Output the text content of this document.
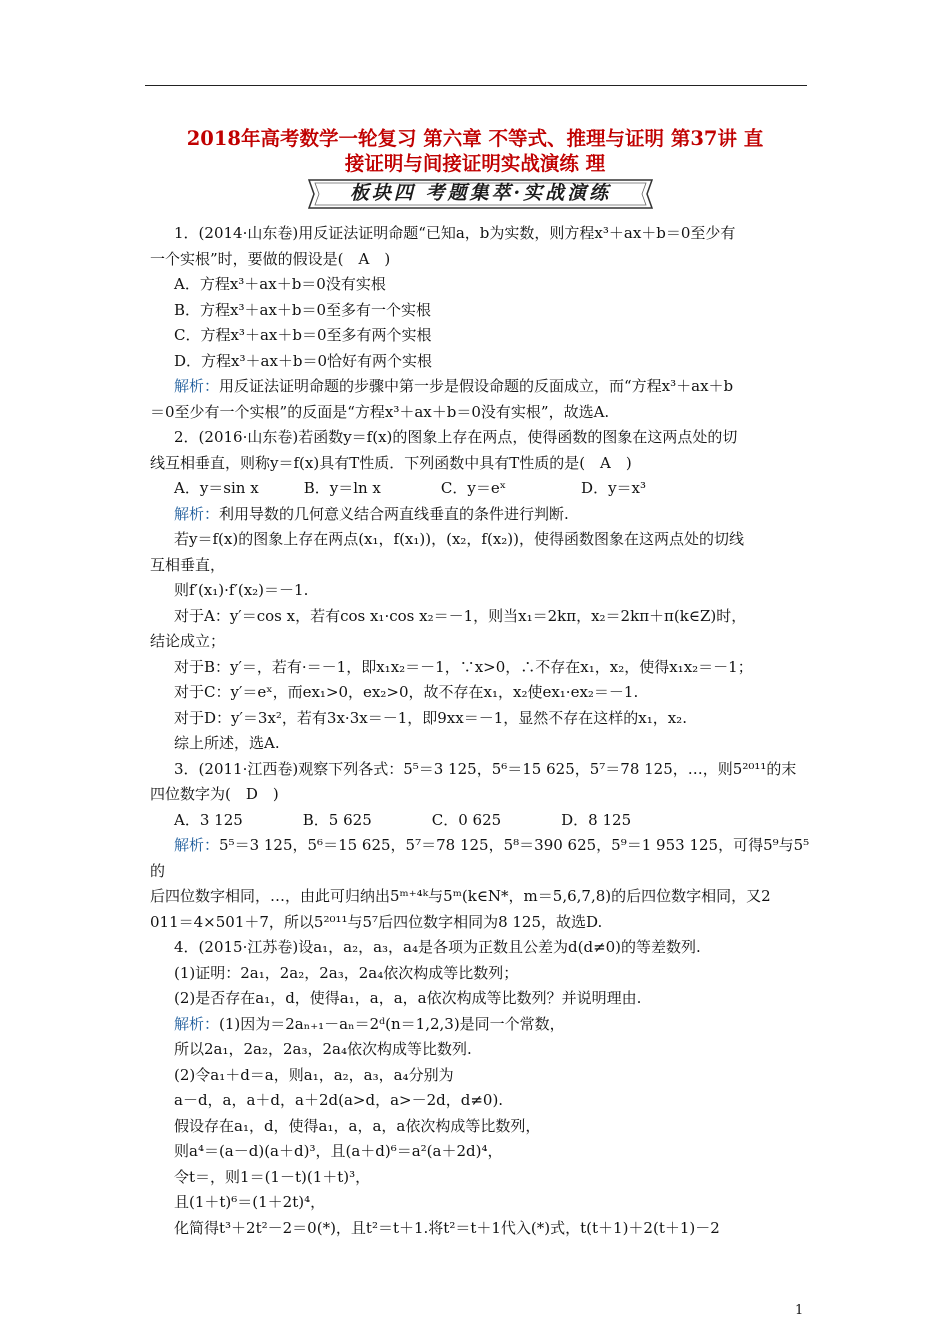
2018年高考数学一轮复习 第六章 不等式、推理与证明 第37讲 直
接证明与间接证明实战演练 理
板块四 考题集萃·实战演练

1．(2014·山东卷)用反证法证明命题“已知a，b为实数，则方程x³＋ax＋b＝0至少有

一个实根”时，要做的假设是(　A　)

A．方程x³＋ax＋b＝0没有实根

B．方程x³＋ax＋b＝0至多有一个实根

C．方程x³＋ax＋b＝0至多有两个实根

D．方程x³＋ax＋b＝0恰好有两个实根

解析：用反证法证明命题的步骤中第一步是假设命题的反面成立，而“方程x³＋ax＋b

＝0至少有一个实根”的反面是“方程x³＋ax＋b＝0没有实根”，故选A.

2．(2016·山东卷)若函数y＝f(x)的图象上存在两点，使得函数的图象在这两点处的切

线互相垂直，则称y＝f(x)具有T性质．下列函数中具有T性质的是(　A　)

A．y＝sin x　　　B．y＝ln x　　　　C．y＝eˣ　　　　　D．y＝x³

解析：利用导数的几何意义结合两直线垂直的条件进行判断.

若y＝f(x)的图象上存在两点(x₁，f(x₁))，(x₂，f(x₂))，使得函数图象在这两点处的切线

互相垂直，

则f′(x₁)·f′(x₂)＝－1.

对于A：y′＝cos x，若有cos x₁·cos x₂＝－1，则当x₁＝2kπ，x₂＝2kπ＋π(k∈Z)时，

结论成立；

对于B：y′＝，若有·＝－1，即x₁x₂＝－1，∵x>0，∴不存在x₁，x₂，使得x₁x₂＝－1；

对于C：y′＝eˣ，而ex₁>0，ex₂>0，故不存在x₁，x₂使ex₁·ex₂＝－1.

对于D：y′＝3x²，若有3x·3x＝－1，即9xx＝－1，显然不存在这样的x₁，x₂.

综上所述，选A.

3．(2011·江西卷)观察下列各式：5⁵＝3 125，5⁶＝15 625，5⁷＝78 125，…，则5²⁰¹¹的末

四位数字为(　D　)

A．3 125　　　　B．5 625　　　　C．0 625　　　　D．8 125

解析：5⁵＝3 125，5⁶＝15 625，5⁷＝78 125，5⁸＝390 625，5⁹＝1 953 125，可得5⁹与5⁵的

后四位数字相同，…，由此可归纳出5ᵐ⁺⁴ᵏ与5ᵐ(k∈N*，m＝5,6,7,8)的后四位数字相同，又2

011＝4×501＋7，所以5²⁰¹¹与5⁷后四位数字相同为8 125，故选D.

4．(2015·江苏卷)设a₁，a₂，a₃，a₄是各项为正数且公差为d(d≠0)的等差数列.

(1)证明：2a₁，2a₂，2a₃，2a₄依次构成等比数列；

(2)是否存在a₁，d，使得a₁，a，a，a依次构成等比数列？并说明理由.

解析：(1)因为＝2aₙ₊₁－aₙ＝2ᵈ(n＝1,2,3)是同一个常数，

所以2a₁，2a₂，2a₃，2a₄依次构成等比数列.

(2)令a₁＋d＝a，则a₁，a₂，a₃，a₄分别为

a－d，a，a＋d，a＋2d(a>d，a>－2d，d≠0).

假设存在a₁，d，使得a₁，a，a，a依次构成等比数列，

则a⁴＝(a－d)(a＋d)³，且(a＋d)⁶＝a²(a＋2d)⁴，

令t＝，则1＝(1－t)(1＋t)³，

且(1＋t)⁶＝(1＋2t)⁴，

化简得t³＋2t²－2＝0(*)，且t²＝t＋1.将t²＝t＋1代入(*)式，t(t＋1)＋2(t＋1)－2

1
